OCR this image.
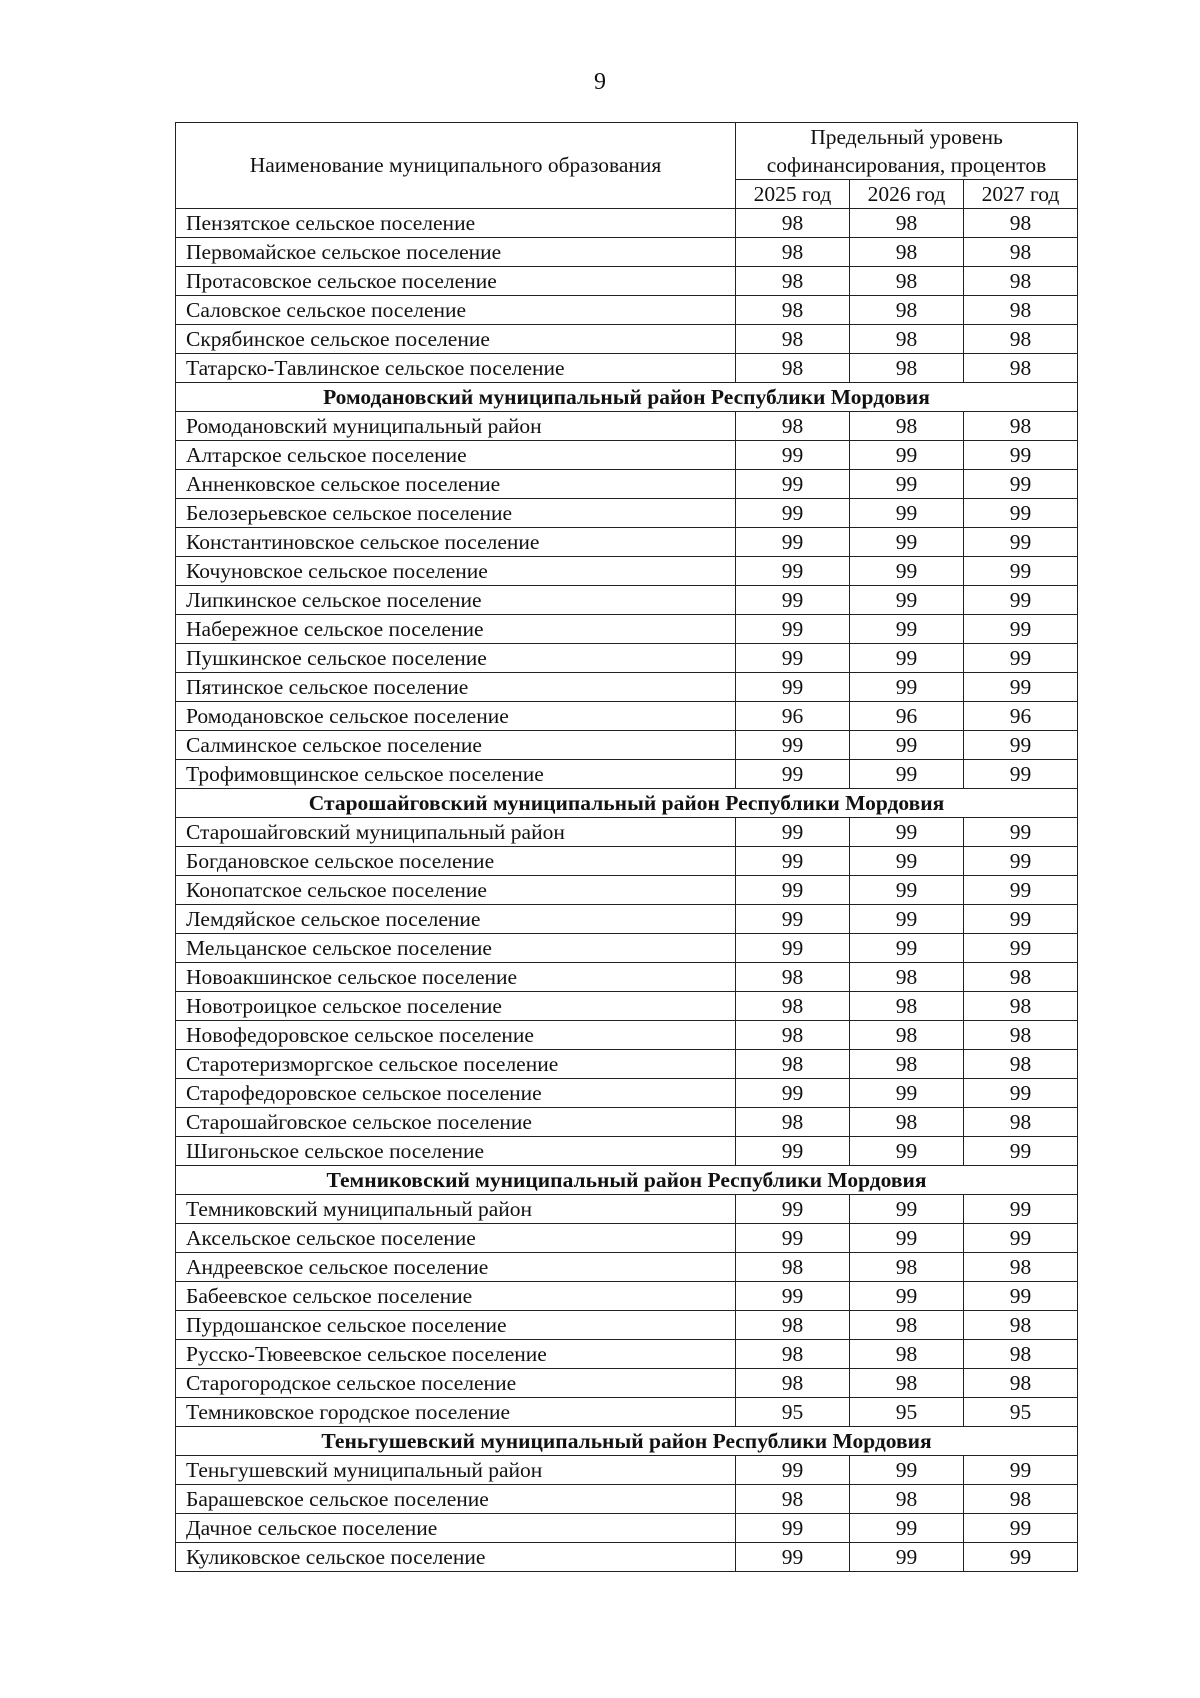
9
Наименование муниципального образования	Предельный уровень
софинансирования, процентов		
	2025 год	2026 год	2027 год
Пензятское сельское поселение	98	98	98
Первомайское сельское поселение	98	98	98
Протасовское сельское поселение	98	98	98
Саловское сельское поселение	98	98	98
Скрябинское сельское поселение	98	98	98
Татарско-Тавлинское сельское поселение	98	98	98
Ромодановский муниципальный район Республики Мордовия			
Ромодановский муниципальный район	98	98	98
Алтарское сельское поселение	99	99	99
Анненковское сельское поселение	99	99	99
Белозерьевское сельское поселение	99	99	99
Константиновское сельское поселение	99	99	99
Кочуновское сельское поселение	99	99	99
Липкинское сельское поселение	99	99	99
Набережное сельское поселение	99	99	99
Пушкинское сельское поселение	99	99	99
Пятинское сельское поселение	99	99	99
Ромодановское сельское поселение	96	96	96
Салминское сельское поселение	99	99	99
Трофимовщинское сельское поселение	99	99	99
Старошайговский муниципальный район Республики Мордовия			
Старошайговский муниципальный район	99	99	99
Богдановское сельское поселение	99	99	99
Конопатское сельское поселение	99	99	99
Лемдяйское сельское поселение	99	99	99
Мельцанское сельское поселение	99	99	99
Новоакшинское сельское поселение	98	98	98
Новотроицкое сельское поселение	98	98	98
Новофедоровское сельское поселение	98	98	98
Старотеризморгское сельское поселение	98	98	98
Старофедоровское сельское поселение	99	99	99
Старошайговское сельское поселение	98	98	98
Шигоньское сельское поселение	99	99	99
Темниковский муниципальный район Республики Мордовия			
Темниковский муниципальный район	99	99	99
Аксельское сельское поселение	99	99	99
Андреевское сельское поселение	98	98	98
Бабеевское сельское поселение	99	99	99
Пурдошанское сельское поселение	98	98	98
Русско-Тювеевское сельское поселение	98	98	98
Старогородское сельское поселение	98	98	98
Темниковское городское поселение	95	95	95
Теньгушевский муниципальный район Республики Мордовия			
Теньгушевский муниципальный район	99	99	99
Барашевское сельское поселение	98	98	98
Дачное сельское поселение	99	99	99
Куликовское сельское поселение	99	99	99
